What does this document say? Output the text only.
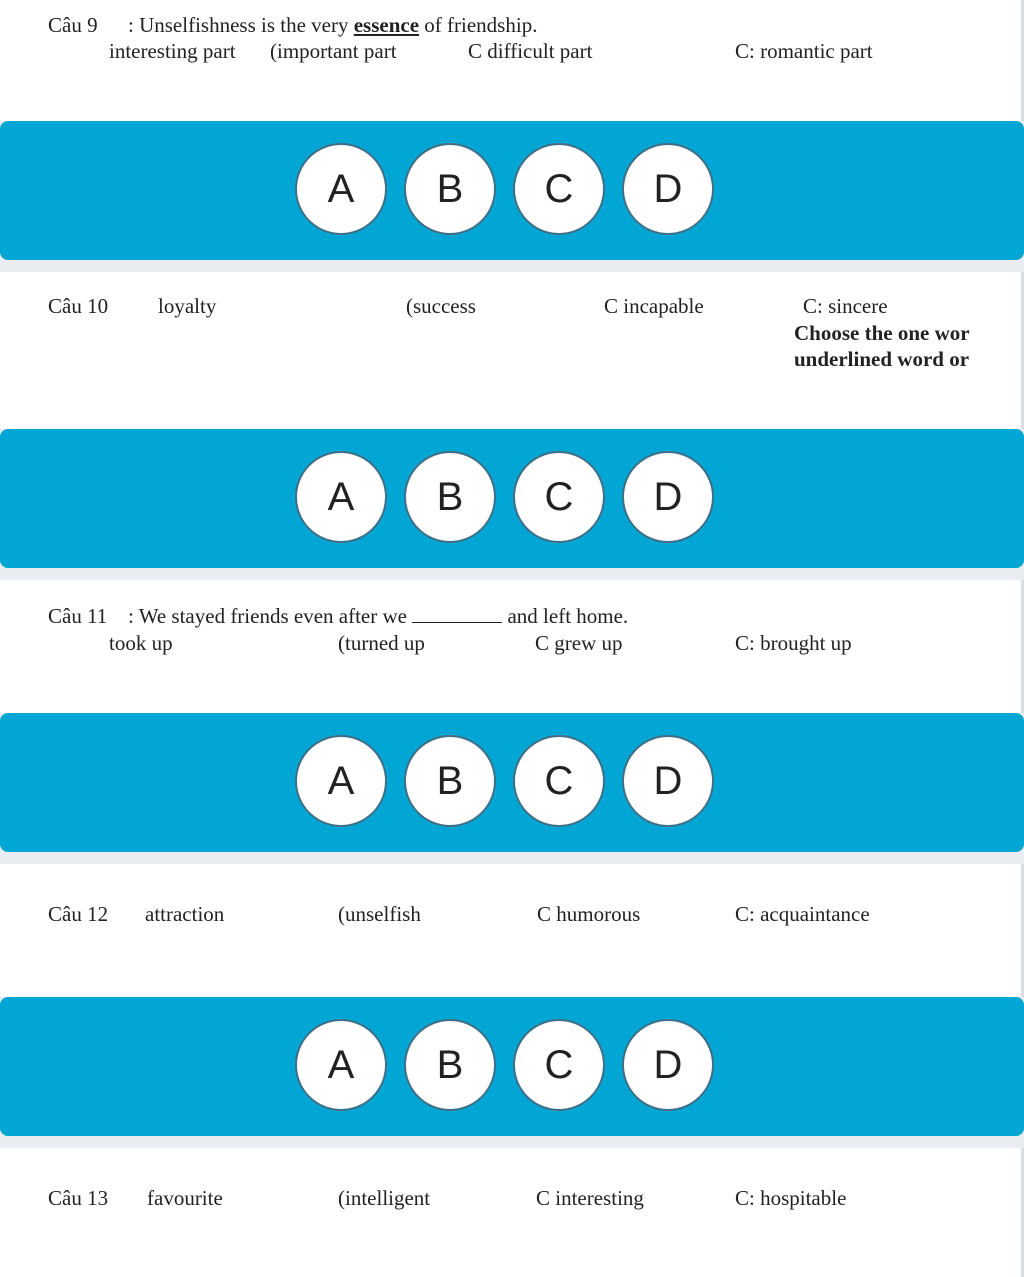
Câu 9 : Unselfishness is the very essence of friendship.
interesting part (important part	C difficult part	C: romantic part
A	B	C	D
Câu 10 loyalty	(success	C incapable	C: sincere
Choose the one wor
underlined word or
A	B	C	D
Câu 11 : We stayed friends even after we	and left home.
took up	(turned up	C grew up	C: brought up
A	B	C	D
Câu 12 attraction	(unselfish	C humorous	C: acquaintance
A	B	C	D
Câu 13 favourite	(intelligent	C interesting	C: hospitable
